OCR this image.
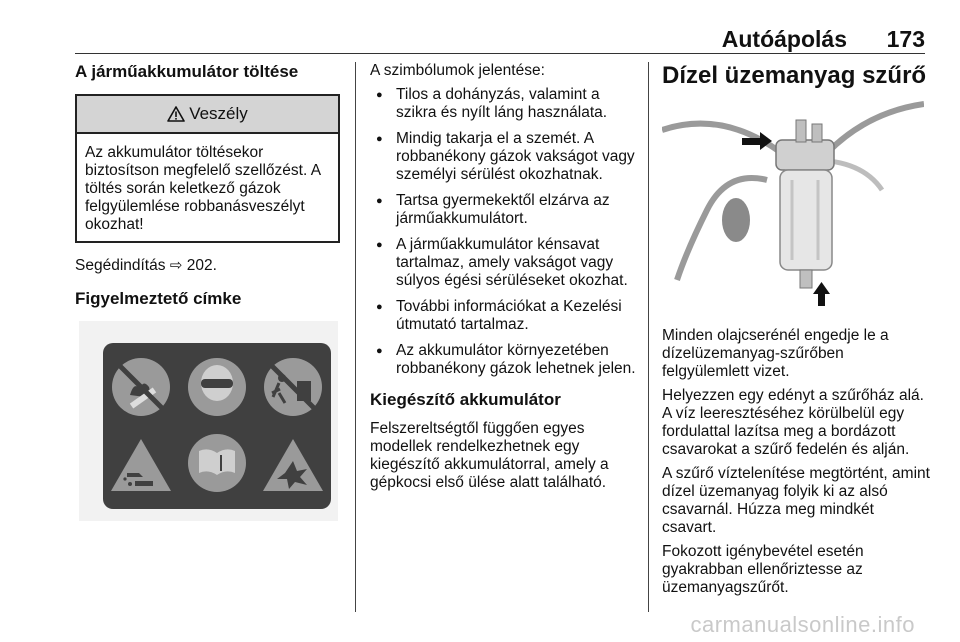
Autóápolás 173
A járműakkumulátor töltése
Veszély
Az akkumulátor töltésekor biztosítson megfelelő szellőzést. A töltés során keletkező gázok felgyülemlése robbanásveszélyt okozhat!
Segédindítás ⇨ 202.
Figyelmeztető címke
A szimbólumok jelentése:
● Tilos a dohányzás, valamint a szikra és nyílt láng használata.
● Mindig takarja el a szemét. A robbanékony gázok vakságot vagy személyi sérülést okozhatnak.
● Tartsa gyermekektől elzárva az járműakkumulátort.
● A járműakkumulátor kénsavat tartalmaz, amely vakságot vagy súlyos égési sérüléseket okozhat.
● További információkat a Kezelési útmutató tartalmaz.
● Az akkumulátor környezetében robbanékony gázok lehetnek jelen.
Kiegészítő akkumulátor
Felszereltségtől függően egyes modellek rendelkezhetnek egy kiegészítő akkumulátorral, amely a gépkocsi első ülése alatt található.
Dízel üzemanyag szűrő
Minden olajcserénél engedje le a dízelüzemanyag-szűrőben felgyülemlett vizet.
Helyezzen egy edényt a szűrőház alá. A víz leeresztéséhez körülbelül egy fordulattal lazítsa meg a bordázott csavarokat a szűrő fedelén és alján.
A szűrő víztelenítése megtörtént, amint dízel üzemanyag folyik ki az alsó csavarnál. Húzza meg mindkét csavart.
Fokozott igénybevétel esetén gyakrabban ellenőriztesse az üzemanyagszűrőt.
carmanualsonline.info
